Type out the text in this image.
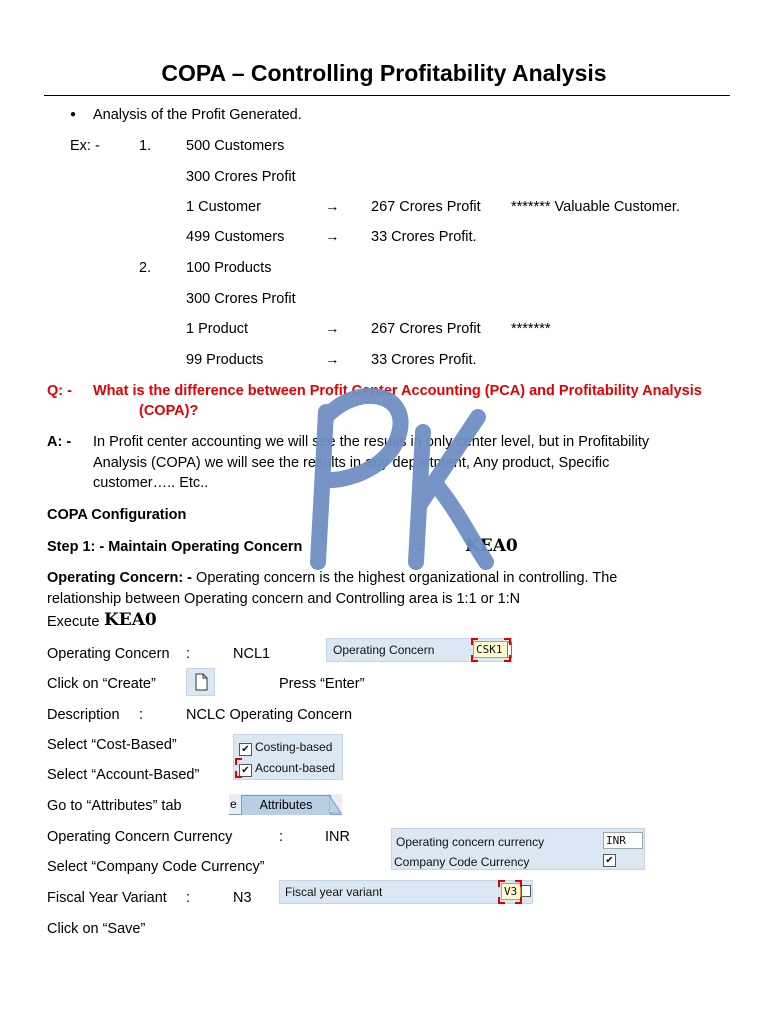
COPA – Controlling Profitability Analysis
● Analysis of the Profit Generated.
Ex: -	1. 500 Customers
300 Crores Profit
1 Customer	→ 267 Crores Profit ******* Valuable Customer.
499 Customers	→ 33 Crores Profit.
2. 100 Products
300 Crores Profit
1 Product	→ 267 Crores Profit *******
99 Products	→ 33 Crores Profit.
Q: - What is the difference between Profit Center Accounting (PCA) and Profitability Analysis
(COPA)?
A: - In Profit center accounting we will see the results in only center level, but in Profitability
Analysis (COPA) we will see the results in any department, Any product, Specific
customer….. Etc..
COPA Configuration
Step 1: - Maintain Operating Concern	: KEA0
Operating Concern: - Operating concern is the highest organizational in controlling. The
relationship between Operating concern and Controlling area is 1:1 or 1:N
Execute KEA0
Operating Concern :	NCL1
Click on “Create”	Press “Enter”
Description :	NCLC Operating Concern
Select “Cost-Based”
Select “Account-Based”
Go to “Attributes” tab
Operating Concern Currency	:	INR
Select “Company Code Currency”
Fiscal Year Variant :	N3
Click on “Save”
Operating Concern	CSK1
✔ Costing-based
✔ Account-based
e	Attributes
Operating concern currency	INR
Company Code Currency	✔
Fiscal year variant	V3
